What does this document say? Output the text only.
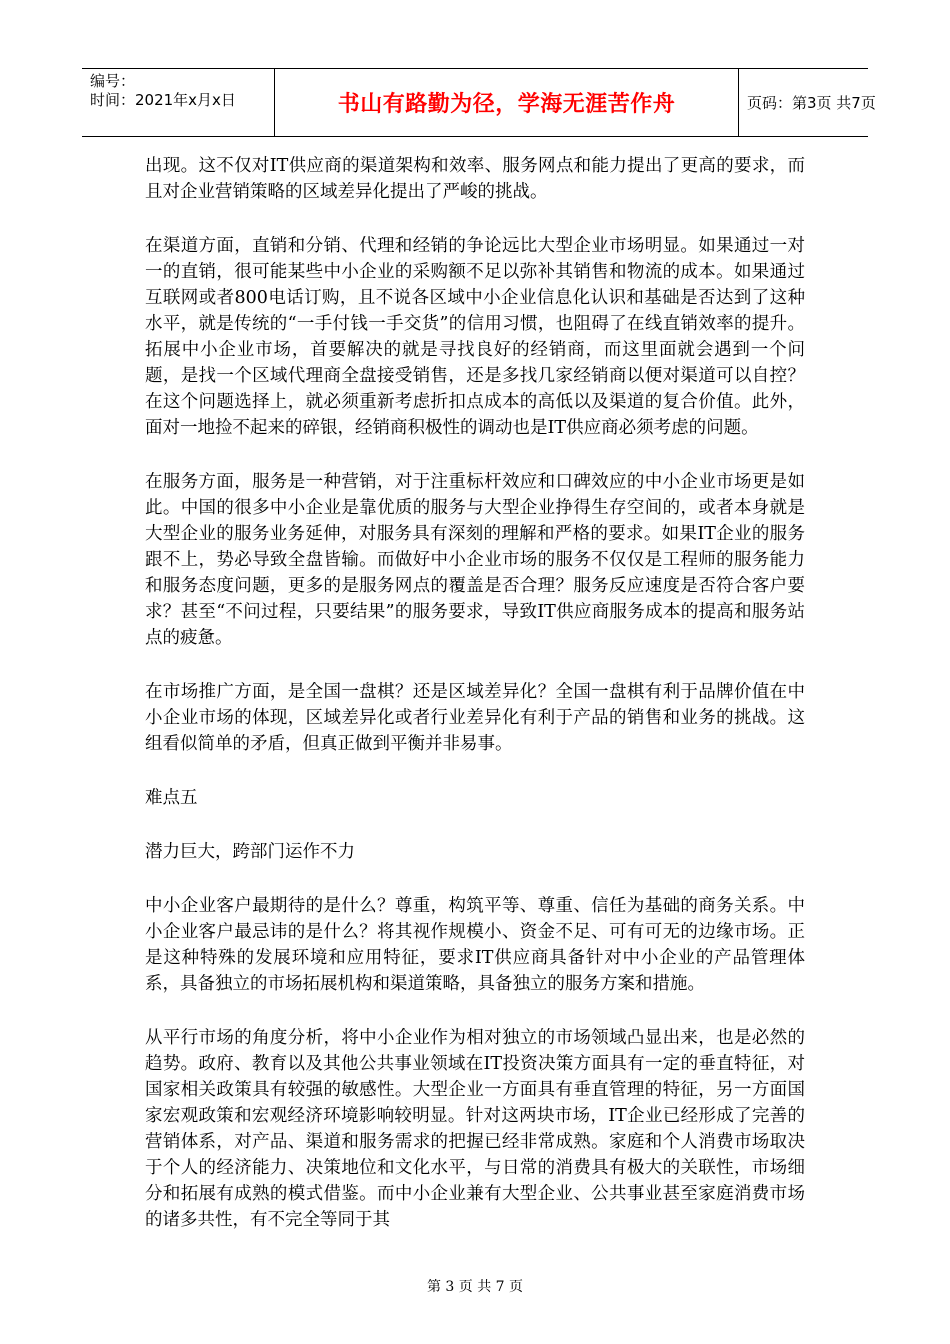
编号：
时间：2021年x月x日	书山有路勤为径，学海无涯苦作舟	页码：第3页 共7页

出现。这不仅对IT供应商的渠道架构和效率、服务网点和能力提出了更高的要求，而且对企业营销策略的区域差异化提出了严峻的挑战。

在渠道方面，直销和分销、代理和经销的争论远比大型企业市场明显。如果通过一对一的直销，很可能某些中小企业的采购额不足以弥补其销售和物流的成本。如果通过互联网或者800电话订购，且不说各区域中小企业信息化认识和基础是否达到了这种水平，就是传统的“一手付钱一手交货”的信用习惯，也阻碍了在线直销效率的提升。拓展中小企业市场，首要解决的就是寻找良好的经销商，而这里面就会遇到一个问题，是找一个区域代理商全盘接受销售，还是多找几家经销商以便对渠道可以自控？在这个问题选择上，就必须重新考虑折扣点成本的高低以及渠道的复合价值。此外，面对一地捡不起来的碎银，经销商积极性的调动也是IT供应商必须考虑的问题。

在服务方面，服务是一种营销，对于注重标杆效应和口碑效应的中小企业市场更是如此。中国的很多中小企业是靠优质的服务与大型企业挣得生存空间的，或者本身就是大型企业的服务业务延伸，对服务具有深刻的理解和严格的要求。如果IT企业的服务跟不上，势必导致全盘皆输。而做好中小企业市场的服务不仅仅是工程师的服务能力和服务态度问题，更多的是服务网点的覆盖是否合理？服务反应速度是否符合客户要求？甚至“不问过程，只要结果”的服务要求，导致IT供应商服务成本的提高和服务站点的疲惫。

在市场推广方面，是全国一盘棋？还是区域差异化？全国一盘棋有利于品牌价值在中小企业市场的体现，区域差异化或者行业差异化有利于产品的销售和业务的挑战。这组看似简单的矛盾，但真正做到平衡并非易事。

难点五

潜力巨大，跨部门运作不力

中小企业客户最期待的是什么？尊重，构筑平等、尊重、信任为基础的商务关系。中小企业客户最忌讳的是什么？将其视作规模小、资金不足、可有可无的边缘市场。正是这种特殊的发展环境和应用特征，要求IT供应商具备针对中小企业的产品管理体系，具备独立的市场拓展机构和渠道策略，具备独立的服务方案和措施。

从平行市场的角度分析，将中小企业作为相对独立的市场领域凸显出来，也是必然的趋势。政府、教育以及其他公共事业领域在IT投资决策方面具有一定的垂直特征，对国家相关政策具有较强的敏感性。大型企业一方面具有垂直管理的特征，另一方面国家宏观政策和宏观经济环境影响较明显。针对这两块市场，IT企业已经形成了完善的营销体系，对产品、渠道和服务需求的把握已经非常成熟。家庭和个人消费市场取决于个人的经济能力、决策地位和文化水平，与日常的消费具有极大的关联性，市场细分和拓展有成熟的模式借鉴。而中小企业兼有大型企业、公共事业甚至家庭消费市场的诸多共性，有不完全等同于其

第 3 页 共 7 页
